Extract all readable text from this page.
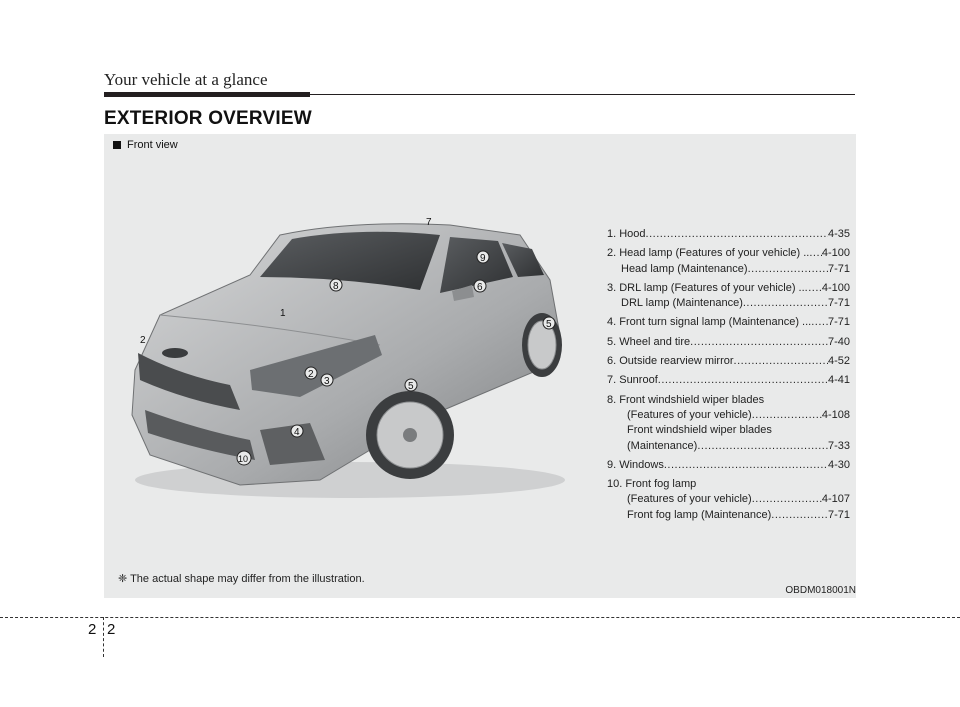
Your vehicle at a glance
EXTERIOR OVERVIEW
Front view
1
2
2
3
4
5
5
6
7
8
9
10
1. Hood .....	4-35
2. Head lamp (Features of your vehicle) .. ..... 4-100
Head lamp (Maintenance) .....	7-71
3. DRL lamp (Features of your vehicle) .. ..... 4-100
DRL lamp (Maintenance) .....	7-71
4. Front turn signal lamp (Maintenance) ... ..... 7-71
5. Wheel and tire .....	7-40
6. Outside rearview mirror .....	4-52
7. Sunroof .....	4-41
8. Front windshield wiper blades
(Features of your vehicle) .....	4-108
Front windshield wiper blades
(Maintenance) .....	7-33
9. Windows .....	4-30
10. Front fog lamp
(Features of your vehicle) .....	4-107
Front fog lamp (Maintenance) .....	7-71
❈ The actual shape may differ from the illustration.
OBDM018001N
2 2
